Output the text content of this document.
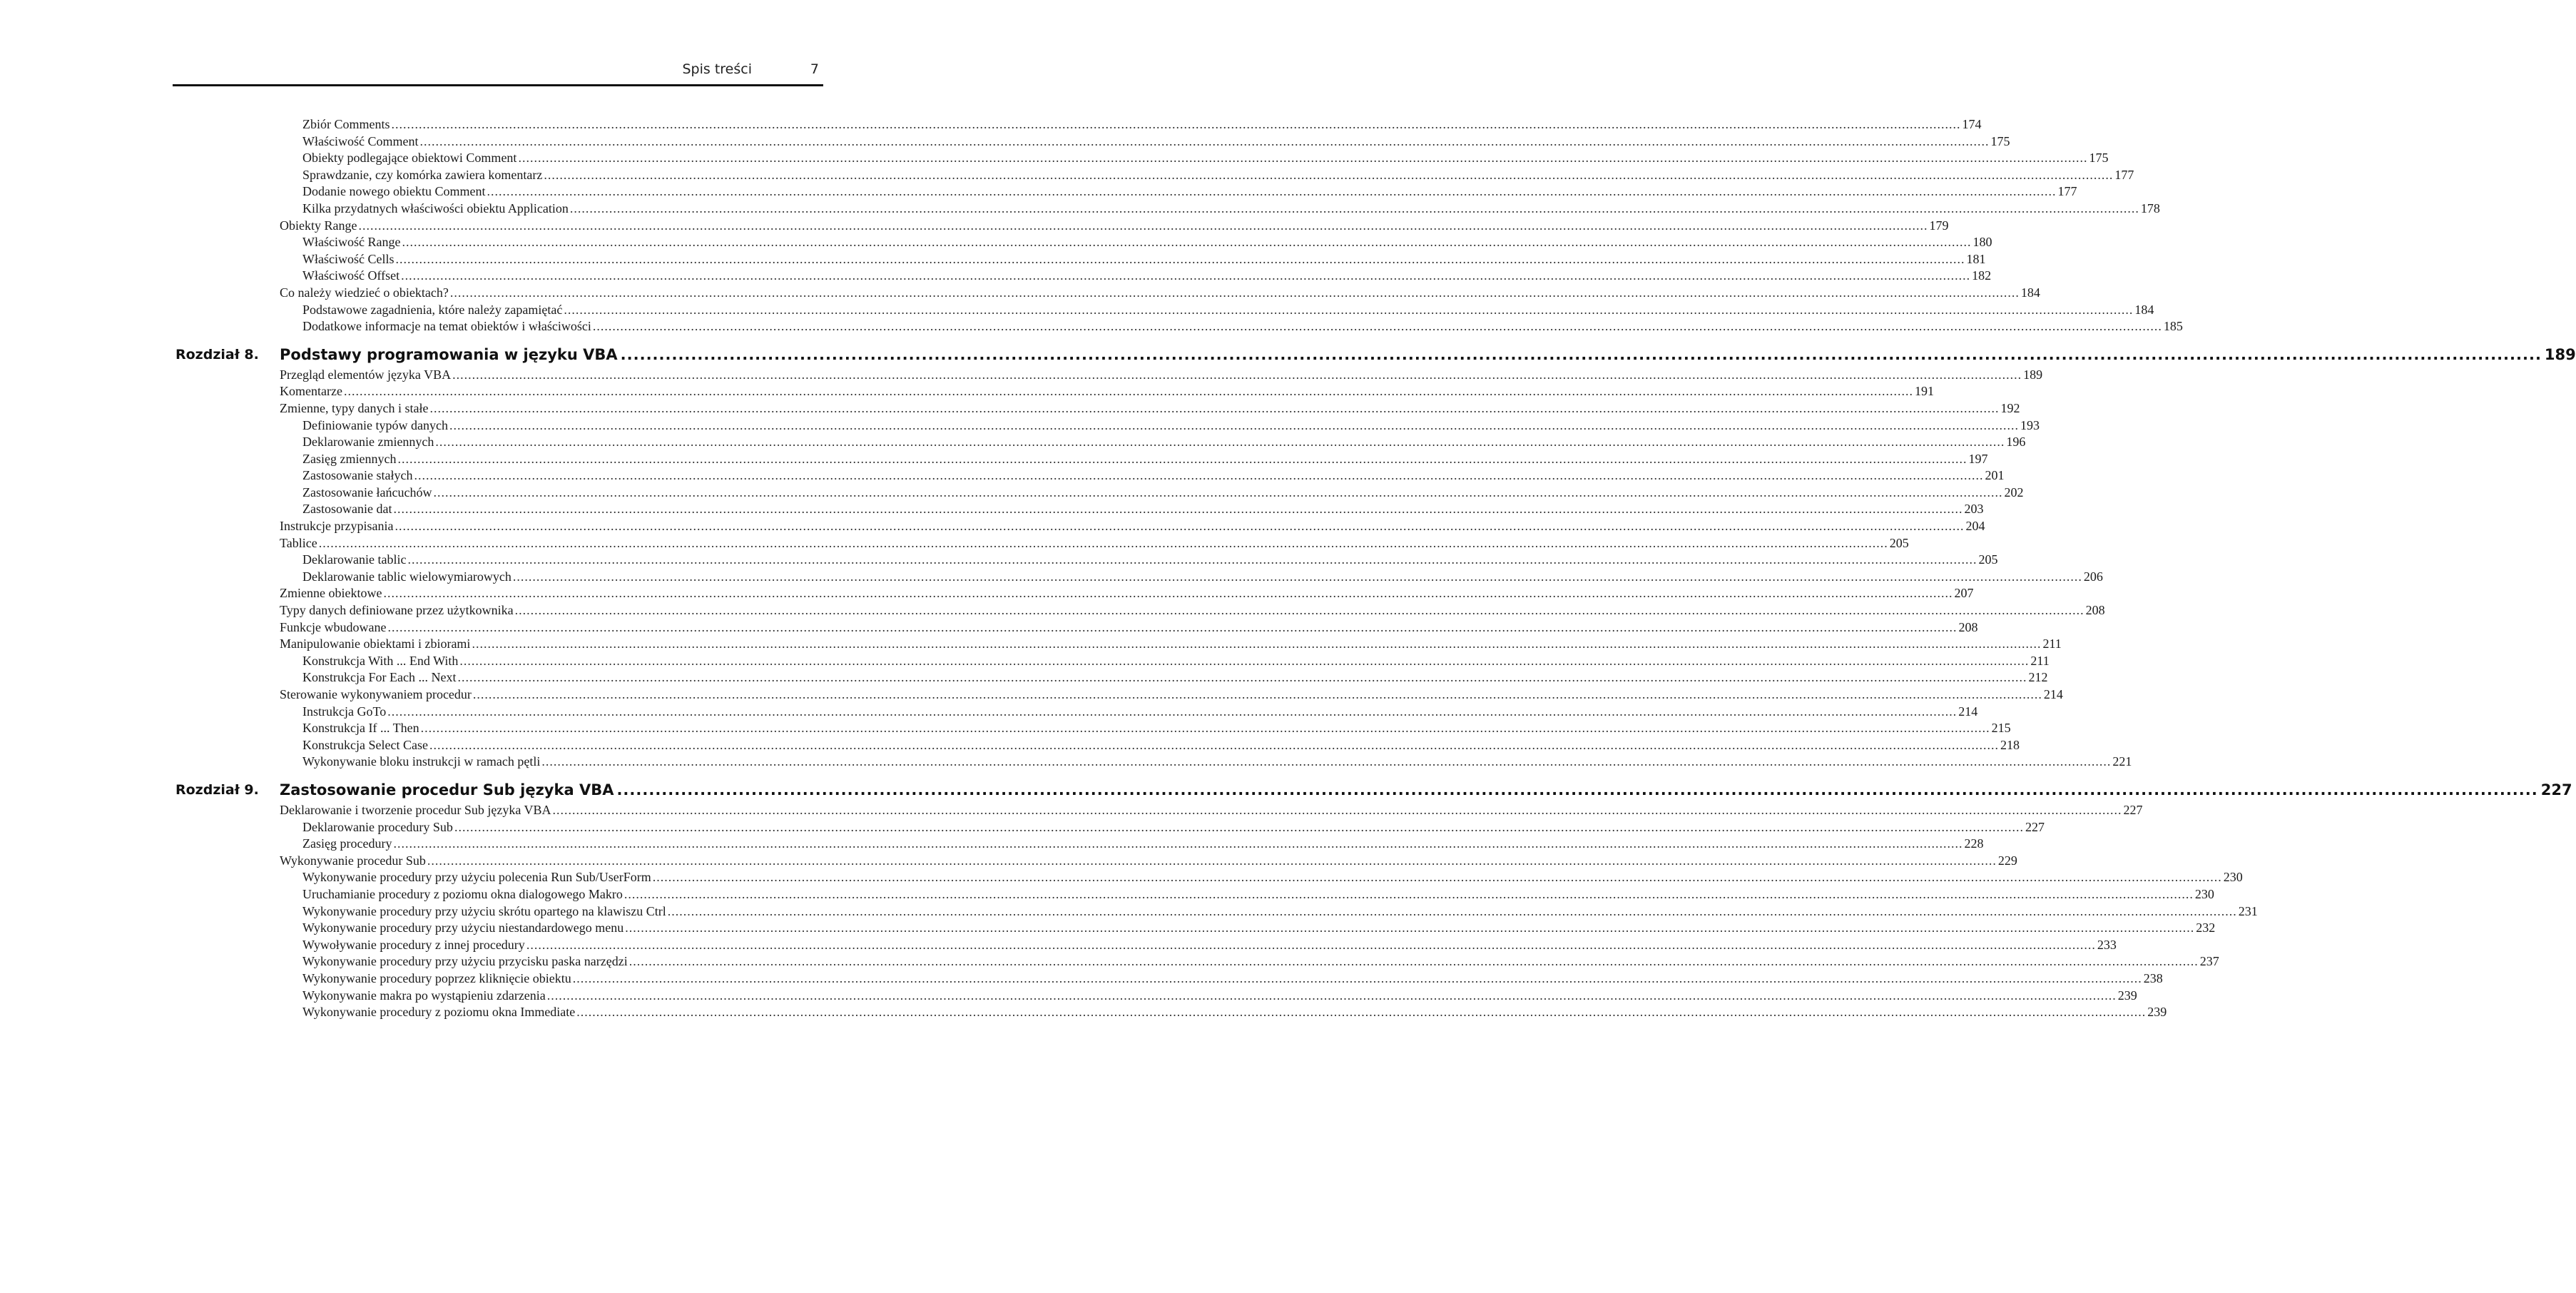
Spis treści	7
Zbiór Comments ................................................................................................................................................................................................................................................................................................................................................................................................................ 174
Właściwość Comment ................................................................................................................................................................................................................................................................................................................................................................................................................ 175
Obiekty podlegające obiektowi Comment ................................................................................................................................................................................................................................................................................................................................................................................................................ 175
Sprawdzanie, czy komórka zawiera komentarz ................................................................................................................................................................................................................................................................................................................................................................................................................ 177
Dodanie nowego obiektu Comment ................................................................................................................................................................................................................................................................................................................................................................................................................ 177
Kilka przydatnych właściwości obiektu Application ................................................................................................................................................................................................................................................................................................................................................................................................................ 178
Obiekty Range ................................................................................................................................................................................................................................................................................................................................................................................................................ 179
Właściwość Range ................................................................................................................................................................................................................................................................................................................................................................................................................ 180
Właściwość Cells ................................................................................................................................................................................................................................................................................................................................................................................................................ 181
Właściwość Offset ................................................................................................................................................................................................................................................................................................................................................................................................................ 182
Co należy wiedzieć o obiektach? ................................................................................................................................................................................................................................................................................................................................................................................................................ 184
Podstawowe zagadnienia, które należy zapamiętać ................................................................................................................................................................................................................................................................................................................................................................................................................ 184
Dodatkowe informacje na temat obiektów i właściwości ................................................................................................................................................................................................................................................................................................................................................................................................................ 185
Rozdział 8. Podstawy programowania w języku VBA ............................................................................................................................................................................................................................................................................................................ 189
Przegląd elementów języka VBA ................................................................................................................................................................................................................................................................................................................................................................................................................ 189
Komentarze ................................................................................................................................................................................................................................................................................................................................................................................................................ 191
Zmienne, typy danych i stałe ................................................................................................................................................................................................................................................................................................................................................................................................................ 192
Definiowanie typów danych ................................................................................................................................................................................................................................................................................................................................................................................................................ 193
Deklarowanie zmiennych ................................................................................................................................................................................................................................................................................................................................................................................................................ 196
Zasięg zmiennych ................................................................................................................................................................................................................................................................................................................................................................................................................ 197
Zastosowanie stałych ................................................................................................................................................................................................................................................................................................................................................................................................................ 201
Zastosowanie łańcuchów ................................................................................................................................................................................................................................................................................................................................................................................................................ 202
Zastosowanie dat ................................................................................................................................................................................................................................................................................................................................................................................................................ 203
Instrukcje przypisania ................................................................................................................................................................................................................................................................................................................................................................................................................ 204
Tablice ................................................................................................................................................................................................................................................................................................................................................................................................................ 205
Deklarowanie tablic ................................................................................................................................................................................................................................................................................................................................................................................................................ 205
Deklarowanie tablic wielowymiarowych ................................................................................................................................................................................................................................................................................................................................................................................................................ 206
Zmienne obiektowe ................................................................................................................................................................................................................................................................................................................................................................................................................ 207
Typy danych definiowane przez użytkownika ................................................................................................................................................................................................................................................................................................................................................................................................................ 208
Funkcje wbudowane ................................................................................................................................................................................................................................................................................................................................................................................................................ 208
Manipulowanie obiektami i zbiorami ................................................................................................................................................................................................................................................................................................................................................................................................................ 211
Konstrukcja With ... End With ................................................................................................................................................................................................................................................................................................................................................................................................................ 211
Konstrukcja For Each ... Next ................................................................................................................................................................................................................................................................................................................................................................................................................ 212
Sterowanie wykonywaniem procedur ................................................................................................................................................................................................................................................................................................................................................................................................................ 214
Instrukcja GoTo ................................................................................................................................................................................................................................................................................................................................................................................................................ 214
Konstrukcja If ... Then ................................................................................................................................................................................................................................................................................................................................................................................................................ 215
Konstrukcja Select Case ................................................................................................................................................................................................................................................................................................................................................................................................................ 218
Wykonywanie bloku instrukcji w ramach pętli ................................................................................................................................................................................................................................................................................................................................................................................................................ 221
Rozdział 9. Zastosowanie procedur Sub języka VBA ............................................................................................................................................................................................................................................................................................................ 227
Deklarowanie i tworzenie procedur Sub języka VBA ................................................................................................................................................................................................................................................................................................................................................................................................................ 227
Deklarowanie procedury Sub ................................................................................................................................................................................................................................................................................................................................................................................................................ 227
Zasięg procedury ................................................................................................................................................................................................................................................................................................................................................................................................................ 228
Wykonywanie procedur Sub ................................................................................................................................................................................................................................................................................................................................................................................................................ 229
Wykonywanie procedury przy użyciu polecenia Run Sub/UserForm ................................................................................................................................................................................................................................................................................................................................................................................................................ 230
Uruchamianie procedury z poziomu okna dialogowego Makro ................................................................................................................................................................................................................................................................................................................................................................................................................ 230
Wykonywanie procedury przy użyciu skrótu opartego na klawiszu Ctrl ................................................................................................................................................................................................................................................................................................................................................................................................................ 231
Wykonywanie procedury przy użyciu niestandardowego menu ................................................................................................................................................................................................................................................................................................................................................................................................................ 232
Wywoływanie procedury z innej procedury ................................................................................................................................................................................................................................................................................................................................................................................................................ 233
Wykonywanie procedury przy użyciu przycisku paska narzędzi ................................................................................................................................................................................................................................................................................................................................................................................................................ 237
Wykonywanie procedury poprzez kliknięcie obiektu ................................................................................................................................................................................................................................................................................................................................................................................................................ 238
Wykonywanie makra po wystąpieniu zdarzenia ................................................................................................................................................................................................................................................................................................................................................................................................................ 239
Wykonywanie procedury z poziomu okna Immediate ................................................................................................................................................................................................................................................................................................................................................................................................................ 239
